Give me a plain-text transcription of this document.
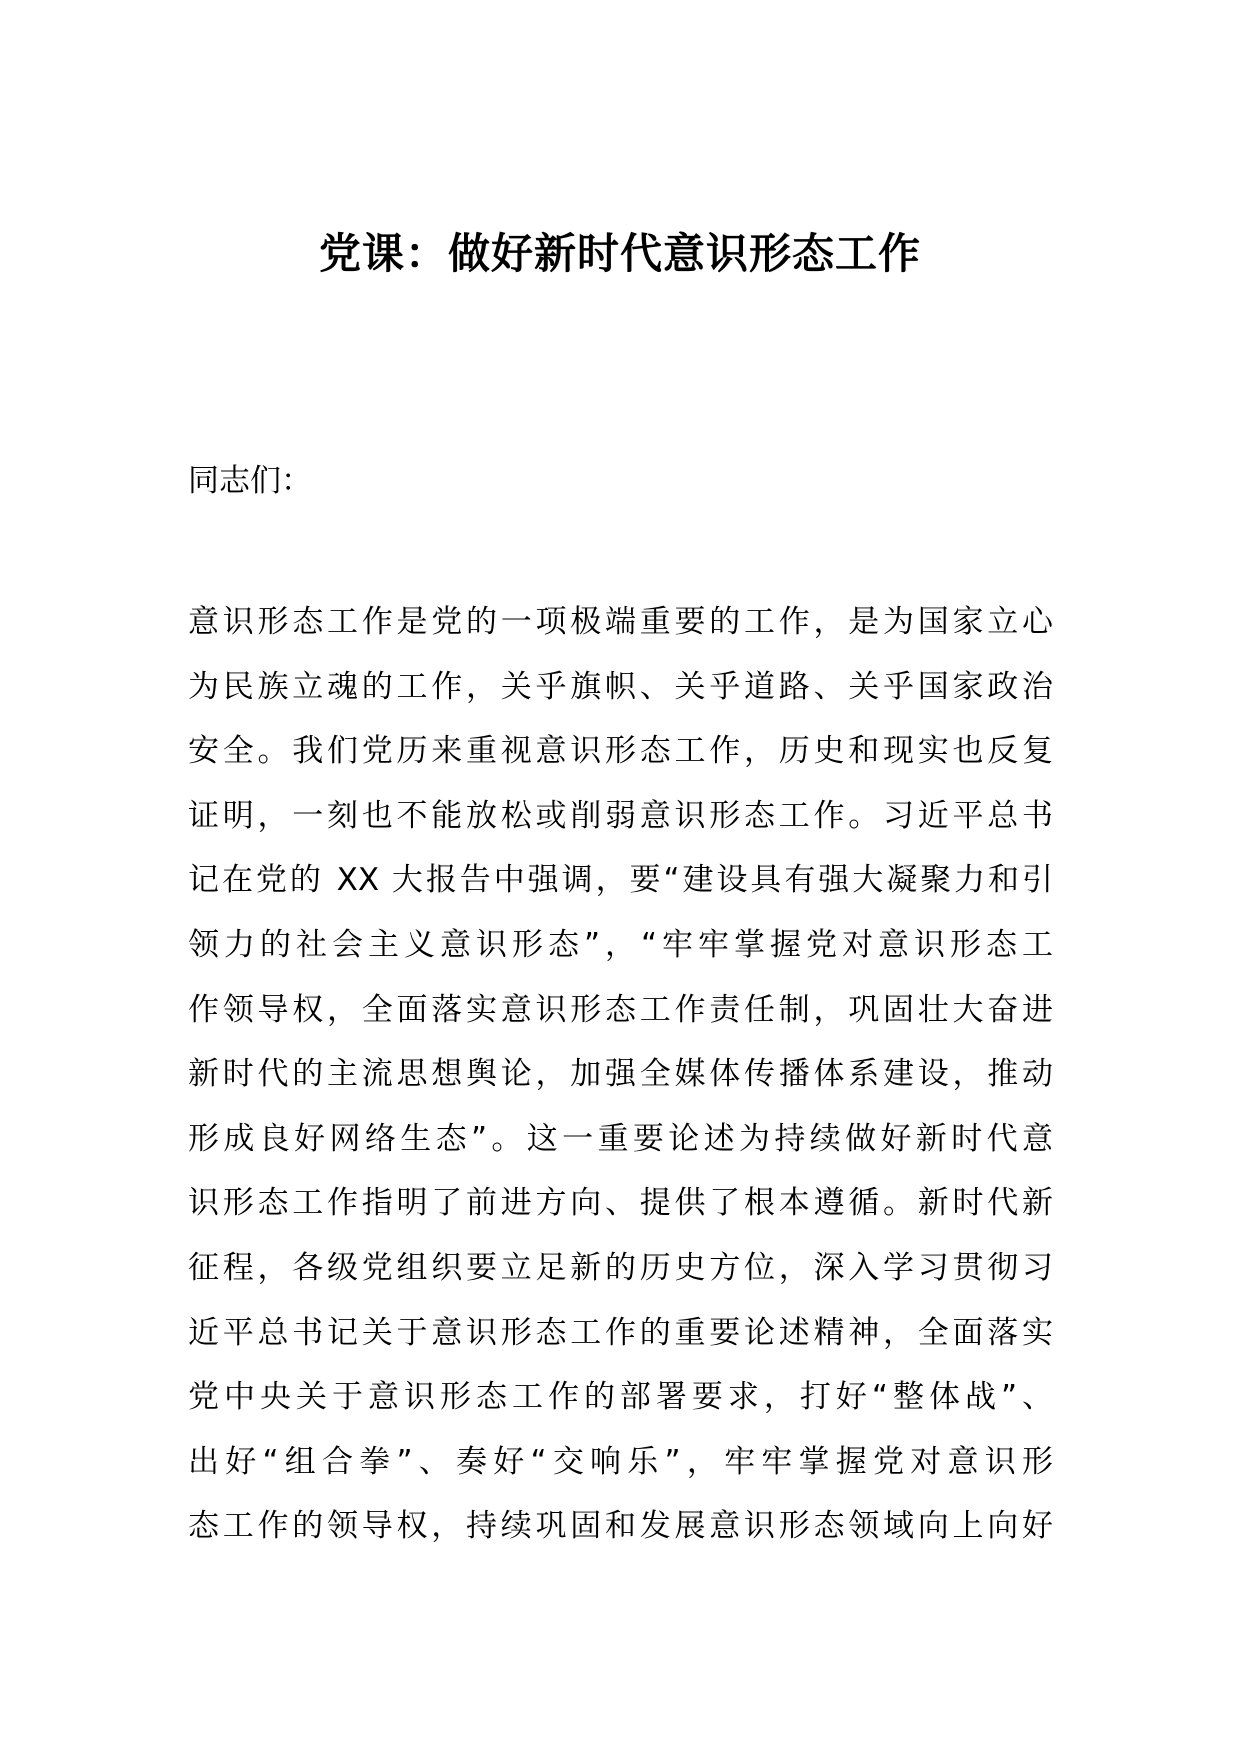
党课：做好新时代意识形态工作
同志们：
意识形态工作是党的一项极端重要的工作，是为国家立心
为民族立魂的工作，关乎旗帜、关乎道路、关乎国家政治
安全。我们党历来重视意识形态工作，历史和现实也反复
证明，一刻也不能放松或削弱意识形态工作。习近平总书
记在党的 XX 大报告中强调，要“建设具有强大凝聚力和引
领力的社会主义意识形态”，“牢牢掌握党对意识形态工
作领导权，全面落实意识形态工作责任制，巩固壮大奋进
新时代的主流思想舆论，加强全媒体传播体系建设，推动
形成良好网络生态”。这一重要论述为持续做好新时代意
识形态工作指明了前进方向、提供了根本遵循。新时代新
征程，各级党组织要立足新的历史方位，深入学习贯彻习
近平总书记关于意识形态工作的重要论述精神，全面落实
党中央关于意识形态工作的部署要求，打好“整体战”、
出好“组合拳”、奏好“交响乐”，牢牢掌握党对意识形
态工作的领导权，持续巩固和发展意识形态领域向上向好
